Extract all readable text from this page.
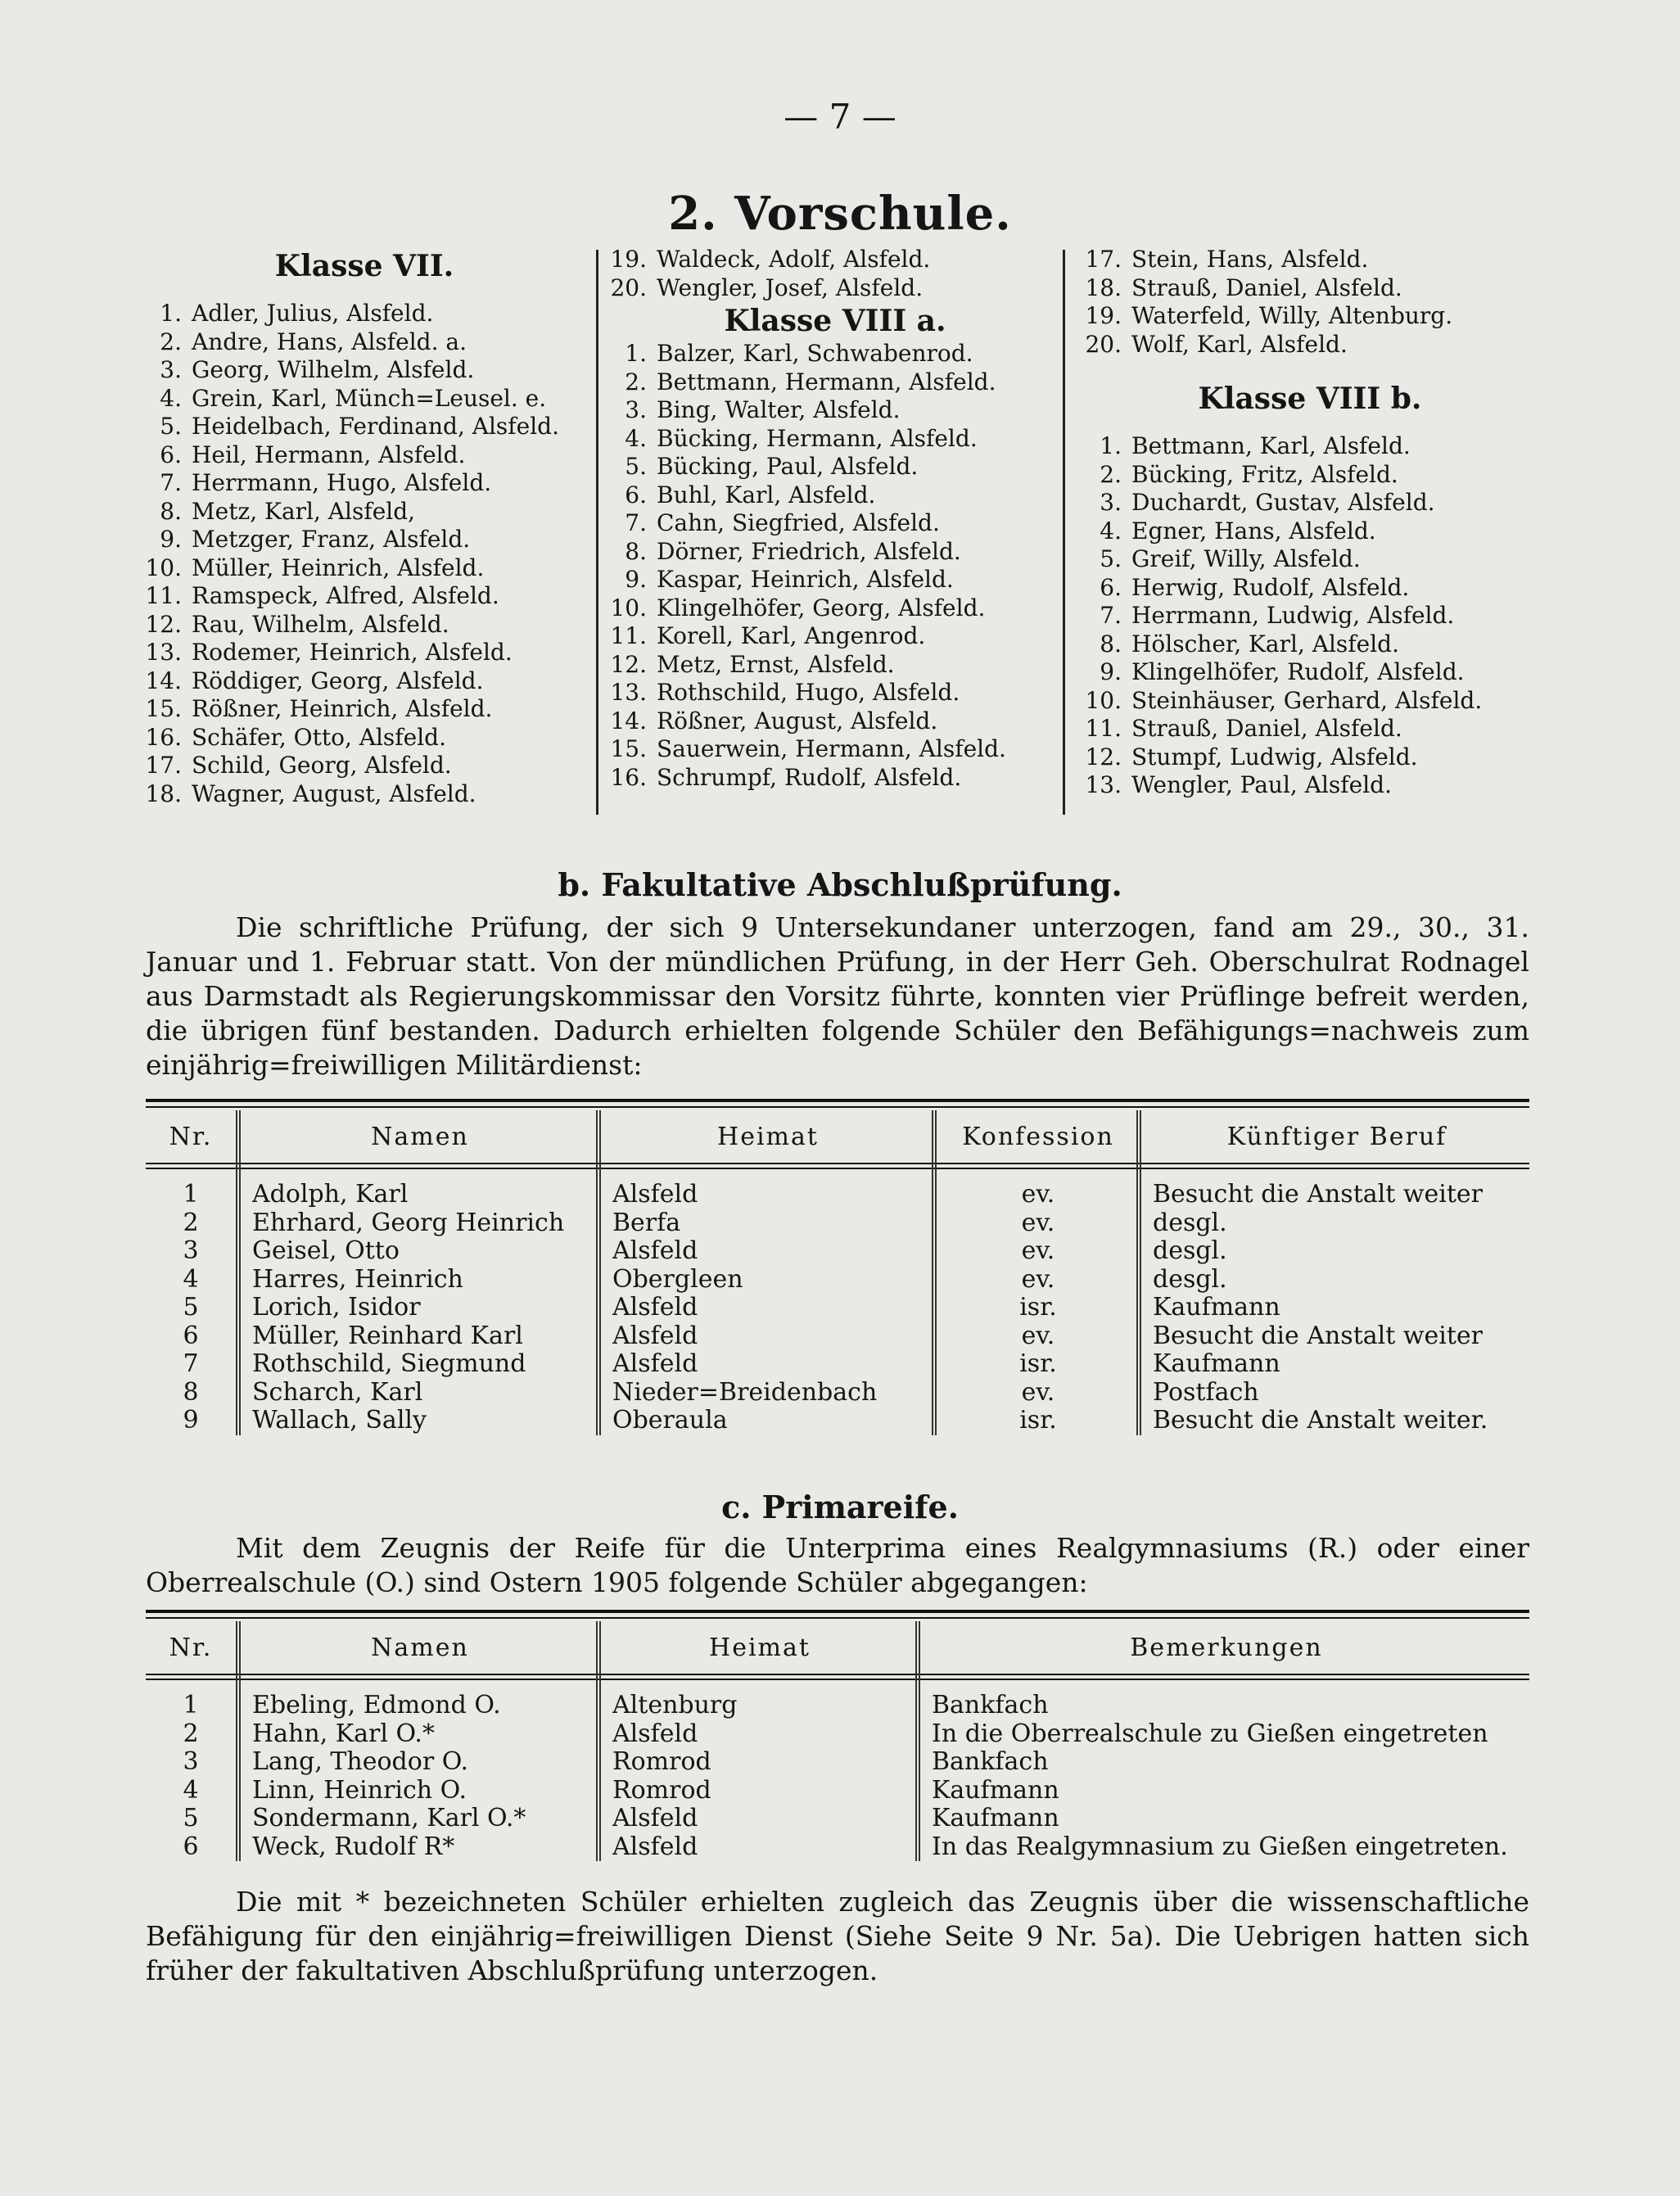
— 7 —
2. Vorschule.
Klasse VII.
1. Adler, Julius, Alsfeld.
2. Andre, Hans, Alsfeld. a.
3. Georg, Wilhelm, Alsfeld.
4. Grein, Karl, Münch=Leusel. e.
5. Heidelbach, Ferdinand, Alsfeld.
6. Heil, Hermann, Alsfeld.
7. Herrmann, Hugo, Alsfeld.
8. Metz, Karl, Alsfeld,
9. Metzger, Franz, Alsfeld.
10. Müller, Heinrich, Alsfeld.
11. Ramspeck, Alfred, Alsfeld.
12. Rau, Wilhelm, Alsfeld.
13. Rodemer, Heinrich, Alsfeld.
14. Röddiger, Georg, Alsfeld.
15. Rößner, Heinrich, Alsfeld.
16. Schäfer, Otto, Alsfeld.
17. Schild, Georg, Alsfeld.
18. Wagner, August, Alsfeld.
19. Waldeck, Adolf, Alsfeld.
20. Wengler, Josef, Alsfeld.
Klasse VIII a.
1. Balzer, Karl, Schwabenrod.
2. Bettmann, Hermann, Alsfeld.
3. Bing, Walter, Alsfeld.
4. Bücking, Hermann, Alsfeld.
5. Bücking, Paul, Alsfeld.
6. Buhl, Karl, Alsfeld.
7. Cahn, Siegfried, Alsfeld.
8. Dörner, Friedrich, Alsfeld.
9. Kaspar, Heinrich, Alsfeld.
10. Klingelhöfer, Georg, Alsfeld.
11. Korell, Karl, Angenrod.
12. Metz, Ernst, Alsfeld.
13. Rothschild, Hugo, Alsfeld.
14. Rößner, August, Alsfeld.
15. Sauerwein, Hermann, Alsfeld.
16. Schrumpf, Rudolf, Alsfeld.
17. Stein, Hans, Alsfeld.
18. Strauß, Daniel, Alsfeld.
19. Waterfeld, Willy, Altenburg.
20. Wolf, Karl, Alsfeld.
Klasse VIII b.
1. Bettmann, Karl, Alsfeld.
2. Bücking, Fritz, Alsfeld.
3. Duchardt, Gustav, Alsfeld.
4. Egner, Hans, Alsfeld.
5. Greif, Willy, Alsfeld.
6. Herwig, Rudolf, Alsfeld.
7. Herrmann, Ludwig, Alsfeld.
8. Hölscher, Karl, Alsfeld.
9. Klingelhöfer, Rudolf, Alsfeld.
10. Steinhäuser, Gerhard, Alsfeld.
11. Strauß, Daniel, Alsfeld.
12. Stumpf, Ludwig, Alsfeld.
13. Wengler, Paul, Alsfeld.
b. Fakultative Abschlußprüfung.

Die schriftliche Prüfung, der sich 9 Untersekundaner unterzogen, fand am 29., 30., 31. Januar und 1. Februar statt. Von der mündlichen Prüfung, in der Herr Geh. Oberschulrat Rodnagel aus Darmstadt als Regierungskommissar den Vorsitz führte, konnten vier Prüflinge befreit werden, die übrigen fünf bestanden. Dadurch erhielten folgende Schüler den Befähigungs=nachweis zum einjährig=freiwilligen Militärdienst:

Nr.	Namen	Heimat	Konfession	Künftiger Beruf
1	Adolph, Karl	Alsfeld	ev.	Besucht die Anstalt weiter
2	Ehrhard, Georg Heinrich	Berfa	ev.	desgl.
3	Geisel, Otto	Alsfeld	ev.	desgl.
4	Harres, Heinrich	Obergleen	ev.	desgl.
5	Lorich, Isidor	Alsfeld	isr.	Kaufmann
6	Müller, Reinhard Karl	Alsfeld	ev.	Besucht die Anstalt weiter
7	Rothschild, Siegmund	Alsfeld	isr.	Kaufmann
8	Scharch, Karl	Nieder=Breidenbach	ev.	Postfach
9	Wallach, Sally	Oberaula	isr.	Besucht die Anstalt weiter.
c. Primareife.

Mit dem Zeugnis der Reife für die Unterprima eines Realgymnasiums (R.) oder einer Oberrealschule (O.) sind Ostern 1905 folgende Schüler abgegangen:

Nr.	Namen	Heimat	Bemerkungen
1	Ebeling, Edmond O.	Altenburg	Bankfach
2	Hahn, Karl O.*	Alsfeld	In die Oberrealschule zu Gießen eingetreten
3	Lang, Theodor O.	Romrod	Bankfach
4	Linn, Heinrich O.	Romrod	Kaufmann
5	Sondermann, Karl O.*	Alsfeld	Kaufmann
6	Weck, Rudolf R*	Alsfeld	In das Realgymnasium zu Gießen eingetreten.

Die mit * bezeichneten Schüler erhielten zugleich das Zeugnis über die wissenschaftliche Befähigung für den einjährig=freiwilligen Dienst (Siehe Seite 9 Nr. 5a). Die Uebrigen hatten sich früher der fakultativen Abschlußprüfung unterzogen.
